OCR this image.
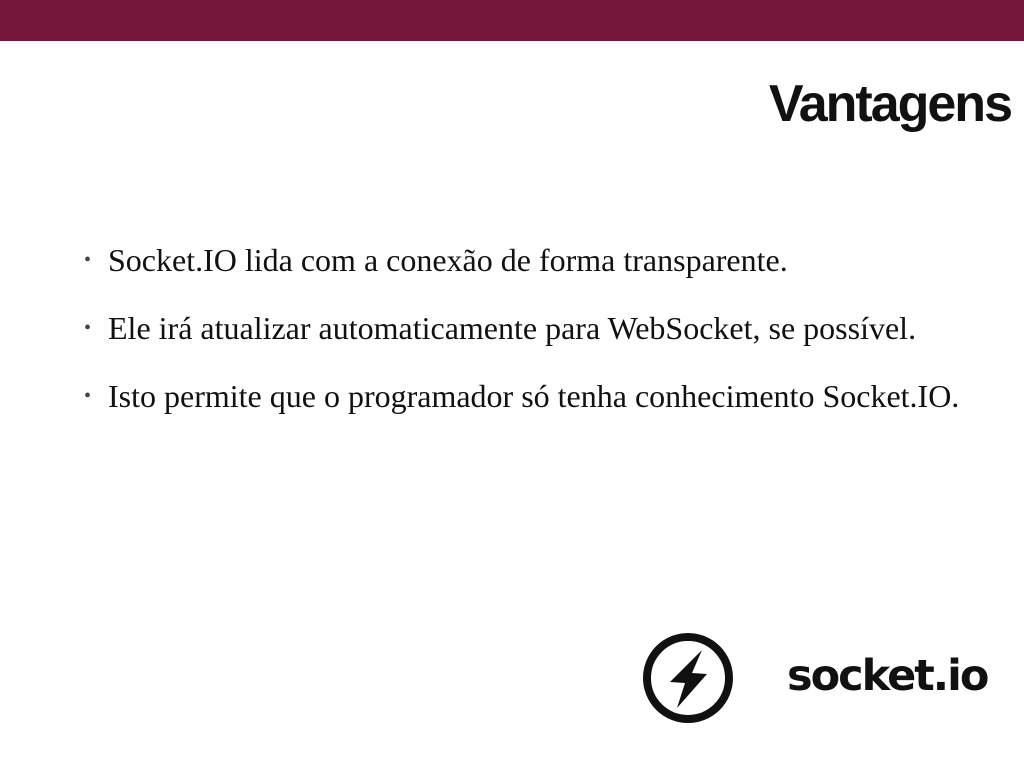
Vantagens
• Socket.IO lida com a conexão de forma transparente.
• Ele irá atualizar automaticamente para WebSocket, se possível.
• Isto permite que o programador só tenha conhecimento Socket.IO.
socket.io
